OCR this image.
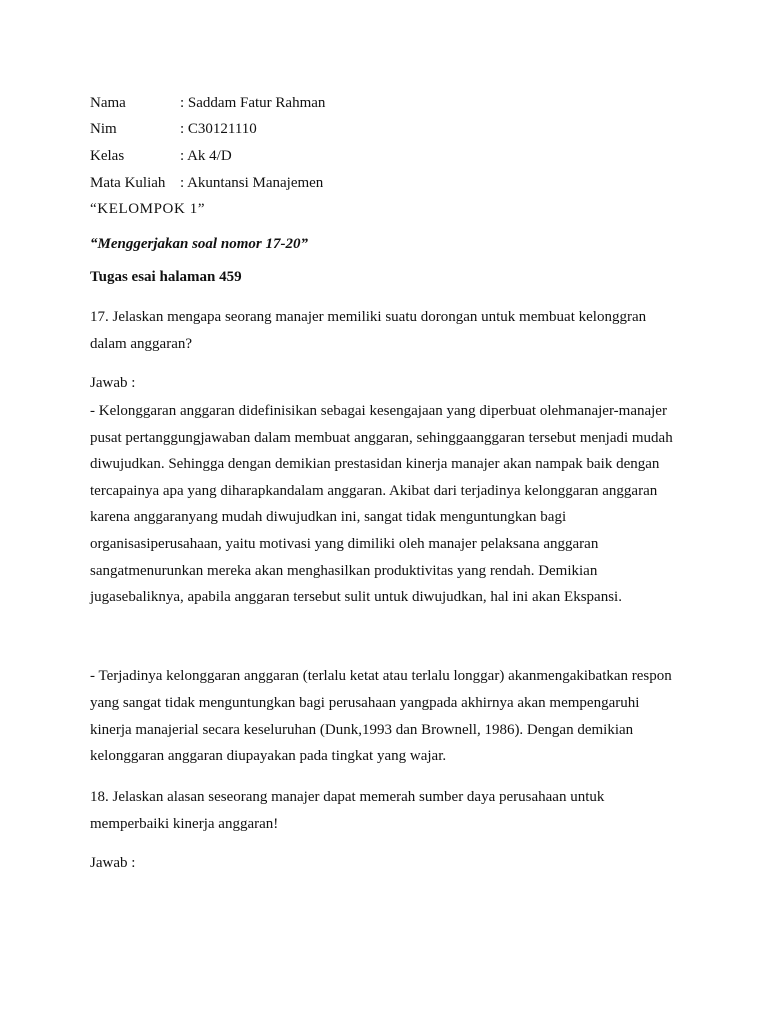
Nama	: Saddam Fatur Rahman
Nim	: C30121110
Kelas	: Ak 4/D
Mata Kuliah : Akuntansi Manajemen
“KELOMPOK 1”
“Menggerjakan soal nomor 17-20”
Tugas esai halaman 459
17. Jelaskan mengapa seorang manajer memiliki suatu dorongan untuk membuat kelonggran
dalam anggaran?
Jawab :
- Kelonggaran anggaran didefinisikan sebagai kesengajaan yang diperbuat olehmanajer-manajer
pusat pertanggungjawaban dalam membuat anggaran, sehinggaanggaran tersebut menjadi mudah
diwujudkan. Sehingga dengan demikian prestasidan kinerja manajer akan nampak baik dengan
tercapainya apa yang diharapkandalam anggaran. Akibat dari terjadinya kelonggaran anggaran
karena anggaranyang mudah diwujudkan ini, sangat tidak menguntungkan bagi
organisasiperusahaan, yaitu motivasi yang dimiliki oleh manajer pelaksana anggaran
sangatmenurunkan mereka akan menghasilkan produktivitas yang rendah. Demikian
jugasebaliknya, apabila anggaran tersebut sulit untuk diwujudkan, hal ini akan Ekspansi.
- Terjadinya kelonggaran anggaran (terlalu ketat atau terlalu longgar) akanmengakibatkan respon
yang sangat tidak menguntungkan bagi perusahaan yangpada akhirnya akan mempengaruhi
kinerja manajerial secara keseluruhan (Dunk,1993 dan Brownell, 1986). Dengan demikian
kelonggaran anggaran diupayakan pada tingkat yang wajar.
18. Jelaskan alasan seseorang manajer dapat memerah sumber daya perusahaan untuk
memperbaiki kinerja anggaran!
Jawab :
